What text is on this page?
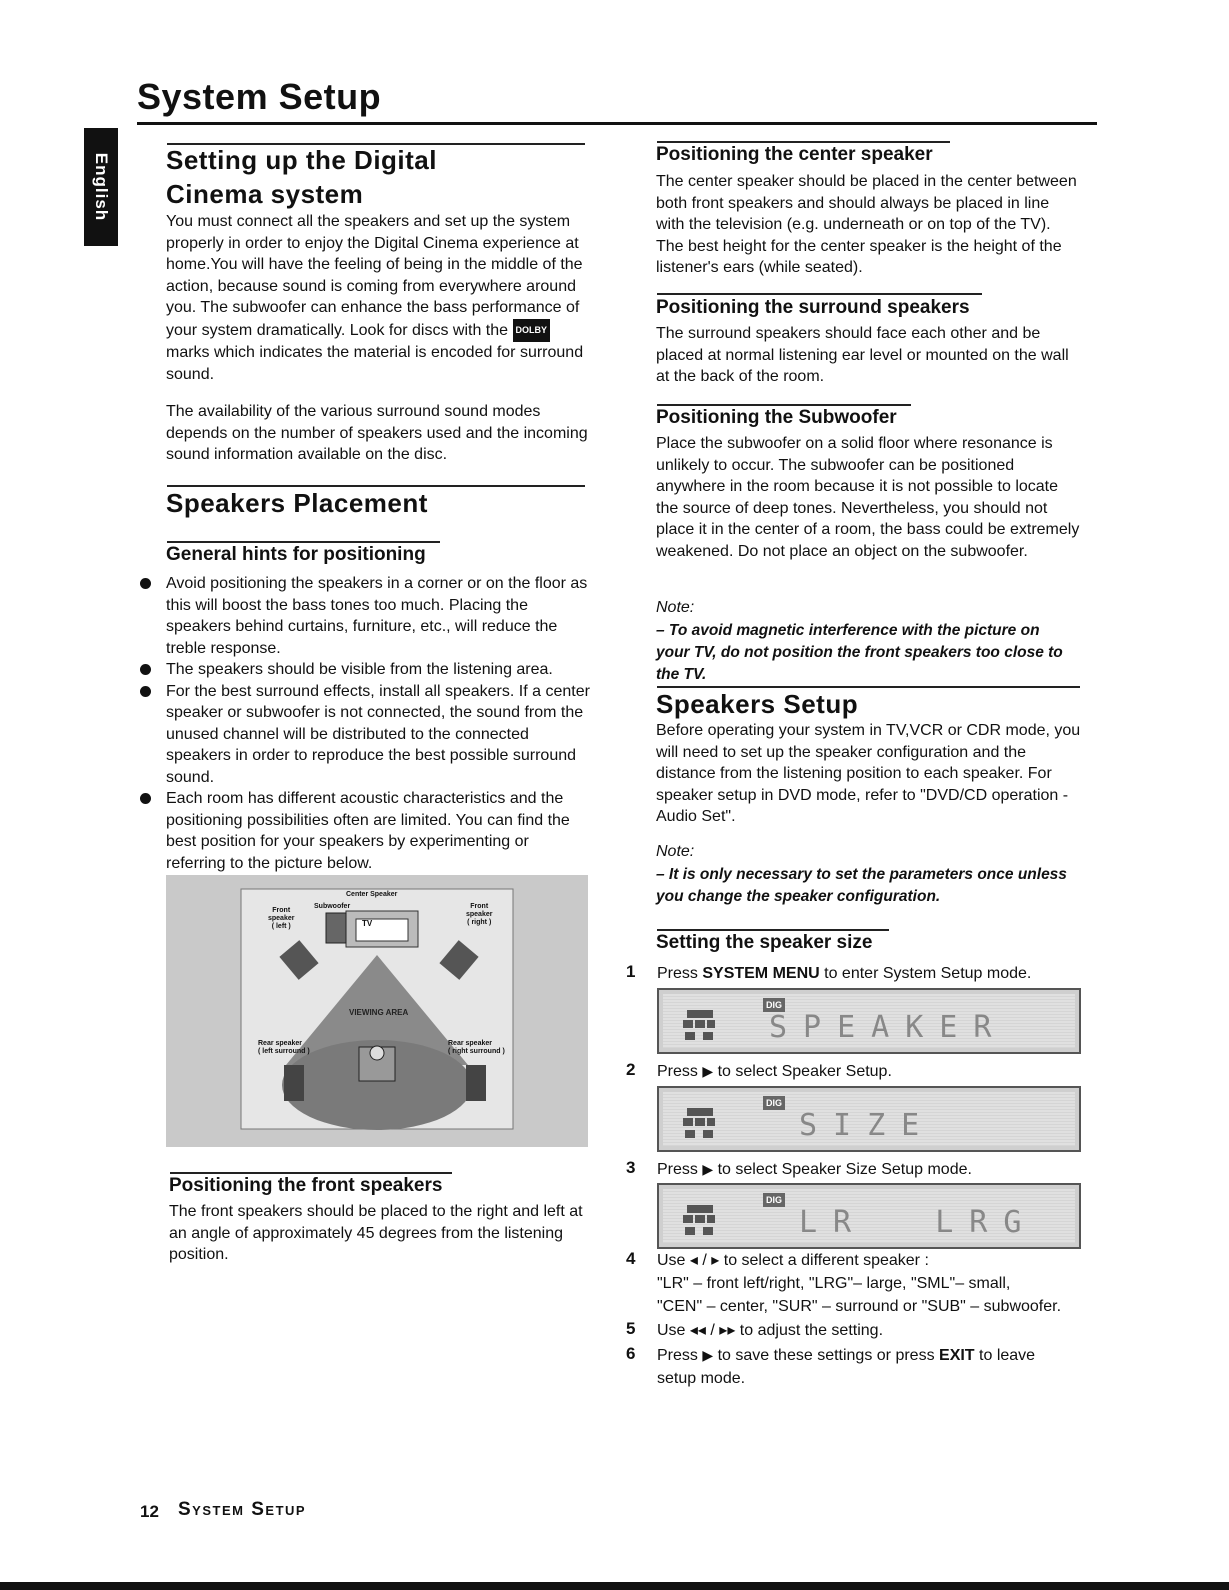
System Setup
English Setting up the Digital
Cinema system

You must connect all the speakers and set up the system properly in order to enjoy the Digital Cinema experience at home.You will have the feeling of being in the middle of the action, because sound is coming from everywhere around you. The subwoofer can enhance the bass performance of your system dramatically. Look for discs with the DOLBY marks which indicates the material is encoded for surround sound.

The availability of the various surround sound modes depends on the number of speakers used and the incoming sound information available on the disc.

Speakers Placement
General hints for positioning
Avoid positioning the speakers in a corner or on the floor as this will boost the bass tones too much. Placing the speakers behind curtains, furniture, etc., will reduce the treble response.
The speakers should be visible from the listening area.
For the best surround effects, install all speakers. If a center speaker or subwoofer is not connected, the sound from the unused channel will be distributed to the connected speakers in order to reproduce the best possible surround sound.
Each room has different acoustic characteristics and the positioning possibilities often are limited. You can find the best position for your speakers by experimenting or referring to the picture below.
Center Speaker
Subwoofer
TV
Front
speaker
( left )
Front
speaker
( right )
VIEWING AREA
Rear speaker
( left surround )
Rear speaker
( right surround )
Positioning the front speakers

The front speakers should be placed to the right and left at an angle of approximately 45 degrees from the listening position.

Positioning the center speaker

The center speaker should be placed in the center between both front speakers and should always be placed in line with the television (e.g. underneath or on top of the TV). The best height for the center speaker is the height of the listener's ears (while seated).

Positioning the surround speakers

The surround speakers should face each other and be placed at normal listening ear level or mounted on the wall at the back of the room.

Positioning the Subwoofer

Place the subwoofer on a solid floor where resonance is unlikely to occur. The subwoofer can be positioned anywhere in the room because it is not possible to locate the source of deep tones. Nevertheless, you should not place it in the center of a room, the bass could be extremely weakened. Do not place an object on the subwoofer.

Note:

– To avoid magnetic interference with the picture on your TV, do not position the front speakers too close to the TV.

Speakers Setup

Before operating your system in TV,VCR or CDR mode, you will need to set up the speaker configuration and the distance from the listening position to each speaker. For speaker setup in DVD mode, refer to "DVD/CD operation - Audio Set".

Note:

– It is only necessary to set the parameters once unless you change the speaker configuration.

Setting the speaker size
1	Press SYSTEM MENU to enter System Setup mode.

DIG
SPEAKER
2	Press ▶ to select Speaker Setup.

DIG
SIZE
3	Press ▶ to select Speaker Size Setup mode.

DIG
LR  LRG
4	Use ◂ / ▸ to select a different speaker :
"LR" – front left/right, "LRG"– large, "SML"– small,
"CEN" – center, "SUR" – surround or "SUB" – subwoofer.
5	Use ◂◂ / ▸▸ to adjust the setting.

6	Press ▶ to save these settings or press EXIT to leave setup mode.

12 System Setup
